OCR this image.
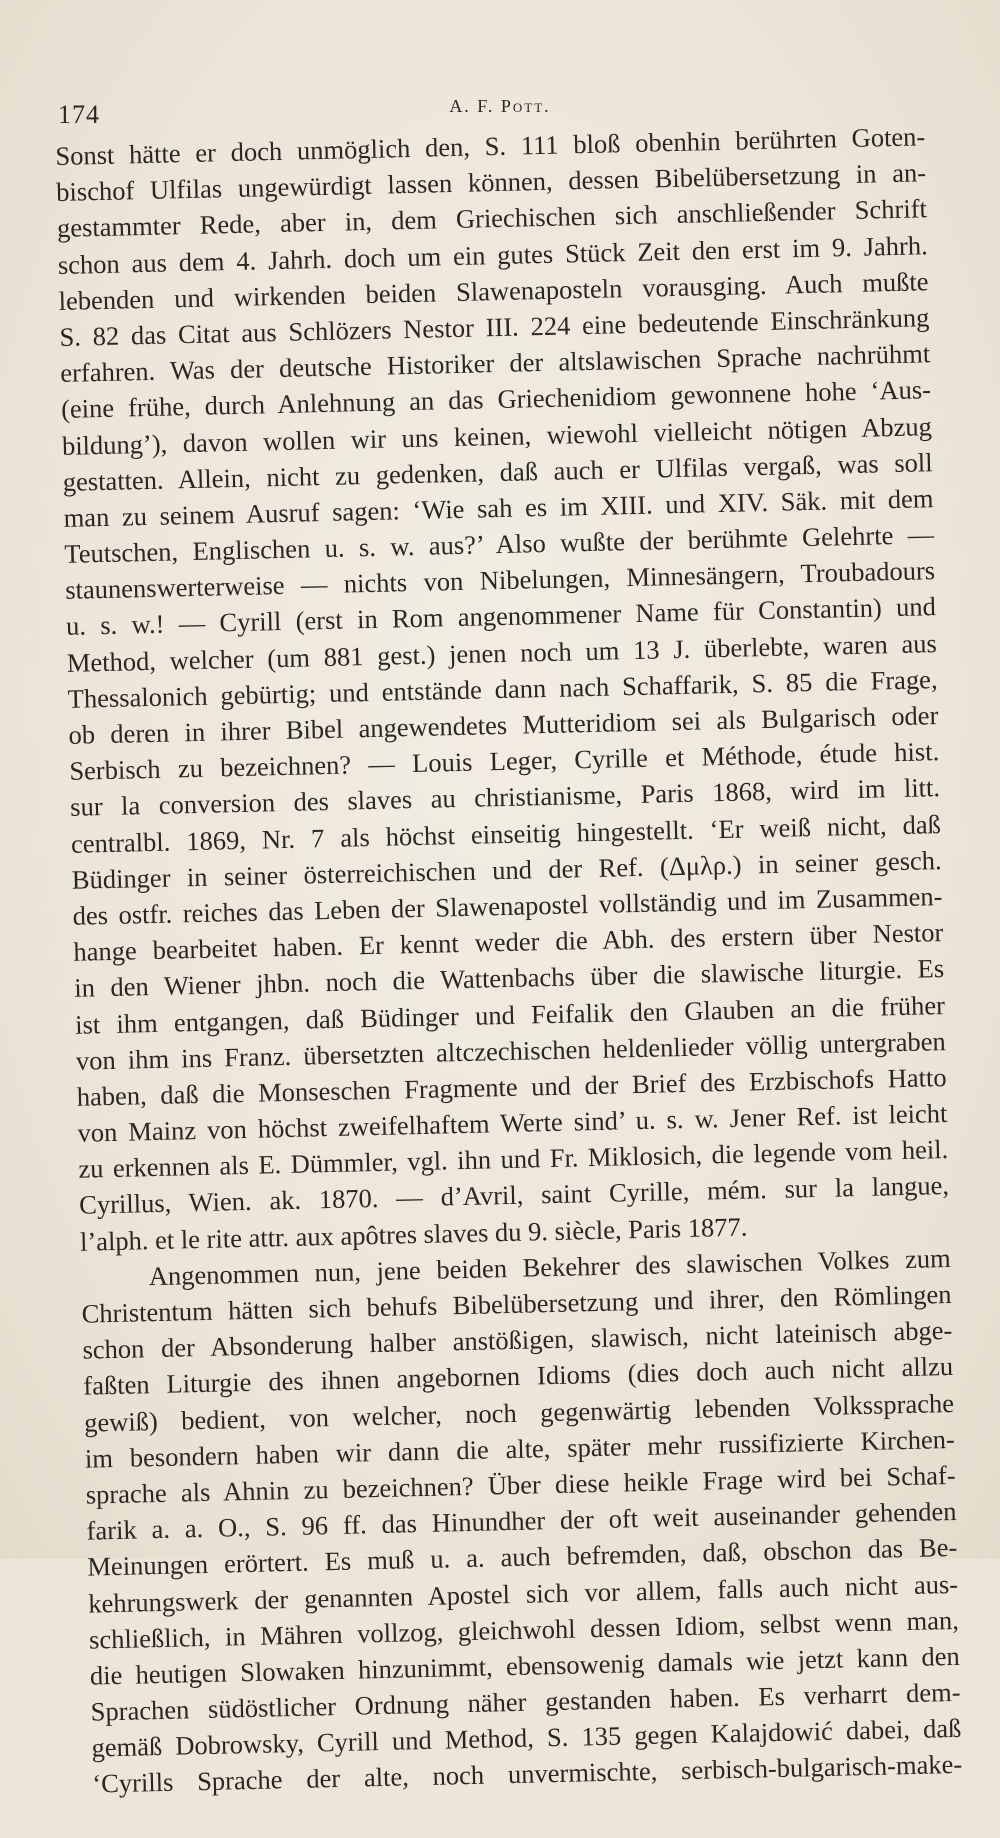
174	A. F. Pott.
Sonst hätte er doch unmöglich den, S. 111 bloß obenhin berührten Goten-
bischof Ulfilas ungewürdigt lassen können, dessen Bibelübersetzung in an-
gestammter Rede, aber in, dem Griechischen sich anschließender Schrift
schon aus dem 4. Jahrh. doch um ein gutes Stück Zeit den erst im 9. Jahrh.
lebenden und wirkenden beiden Slawenaposteln vorausging. Auch mußte
S. 82 das Citat aus Schlözers Nestor III. 224 eine bedeutende Einschränkung
erfahren. Was der deutsche Historiker der altslawischen Sprache nachrühmt
(eine frühe, durch Anlehnung an das Griechenidiom gewonnene hohe ‘Aus-
bildung’), davon wollen wir uns keinen, wiewohl vielleicht nötigen Abzug
gestatten. Allein, nicht zu gedenken, daß auch er Ulfilas vergaß, was soll
man zu seinem Ausruf sagen: ‘Wie sah es im XIII. und XIV. Säk. mit dem
Teutschen, Englischen u. s. w. aus?’ Also wußte der berühmte Gelehrte —
staunenswerterweise — nichts von Nibelungen, Minnesängern, Troubadours
u. s. w.! — Cyrill (erst in Rom angenommener Name für Constantin) und
Method, welcher (um 881 gest.) jenen noch um 13 J. überlebte, waren aus
Thessalonich gebürtig; und entstände dann nach Schaffarik, S. 85 die Frage,
ob deren in ihrer Bibel angewendetes Mutteridiom sei als Bulgarisch oder
Serbisch zu bezeichnen? — Louis Leger, Cyrille et Méthode, étude hist.
sur la conversion des slaves au christianisme, Paris 1868, wird im litt.
centralbl. 1869, Nr. 7 als höchst einseitig hingestellt. ‘Er weiß nicht, daß
Büdinger in seiner österreichischen und der Ref. (Δμλρ.) in seiner gesch.
des ostfr. reiches das Leben der Slawenapostel vollständig und im Zusammen-
hange bearbeitet haben. Er kennt weder die Abh. des erstern über Nestor
in den Wiener jhbn. noch die Wattenbachs über die slawische liturgie. Es
ist ihm entgangen, daß Büdinger und Feifalik den Glauben an die früher
von ihm ins Franz. übersetzten altczechischen heldenlieder völlig untergraben
haben, daß die Monseschen Fragmente und der Brief des Erzbischofs Hatto
von Mainz von höchst zweifelhaftem Werte sind’ u. s. w. Jener Ref. ist leicht
zu erkennen als E. Dümmler, vgl. ihn und Fr. Miklosich, die legende vom heil.
Cyrillus, Wien. ak. 1870. — d’Avril, saint Cyrille, mém. sur la langue,
l’alph. et le rite attr. aux apôtres slaves du 9. siècle, Paris 1877.
Angenommen nun, jene beiden Bekehrer des slawischen Volkes zum
Christentum hätten sich behufs Bibelübersetzung und ihrer, den Römlingen
schon der Absonderung halber anstößigen, slawisch, nicht lateinisch abge-
faßten Liturgie des ihnen angebornen Idioms (dies doch auch nicht allzu
gewiß) bedient, von welcher, noch gegenwärtig lebenden Volkssprache
im besondern haben wir dann die alte, später mehr russifizierte Kirchen-
sprache als Ahnin zu bezeichnen? Über diese heikle Frage wird bei Schaf-
farik a. a. O., S. 96 ff. das Hinundher der oft weit auseinander gehenden
Meinungen erörtert. Es muß u. a. auch befremden, daß, obschon das Be-
kehrungswerk der genannten Apostel sich vor allem, falls auch nicht aus-
schließlich, in Mähren vollzog, gleichwohl dessen Idiom, selbst wenn man,
die heutigen Slowaken hinzunimmt, ebensowenig damals wie jetzt kann den
Sprachen südöstlicher Ordnung näher gestanden haben. Es verharrt dem-
gemäß Dobrowsky, Cyrill und Method, S. 135 gegen Kalajdowić dabei, daß
‘Cyrills Sprache der alte, noch unvermischte, serbisch-bulgarisch-make-
